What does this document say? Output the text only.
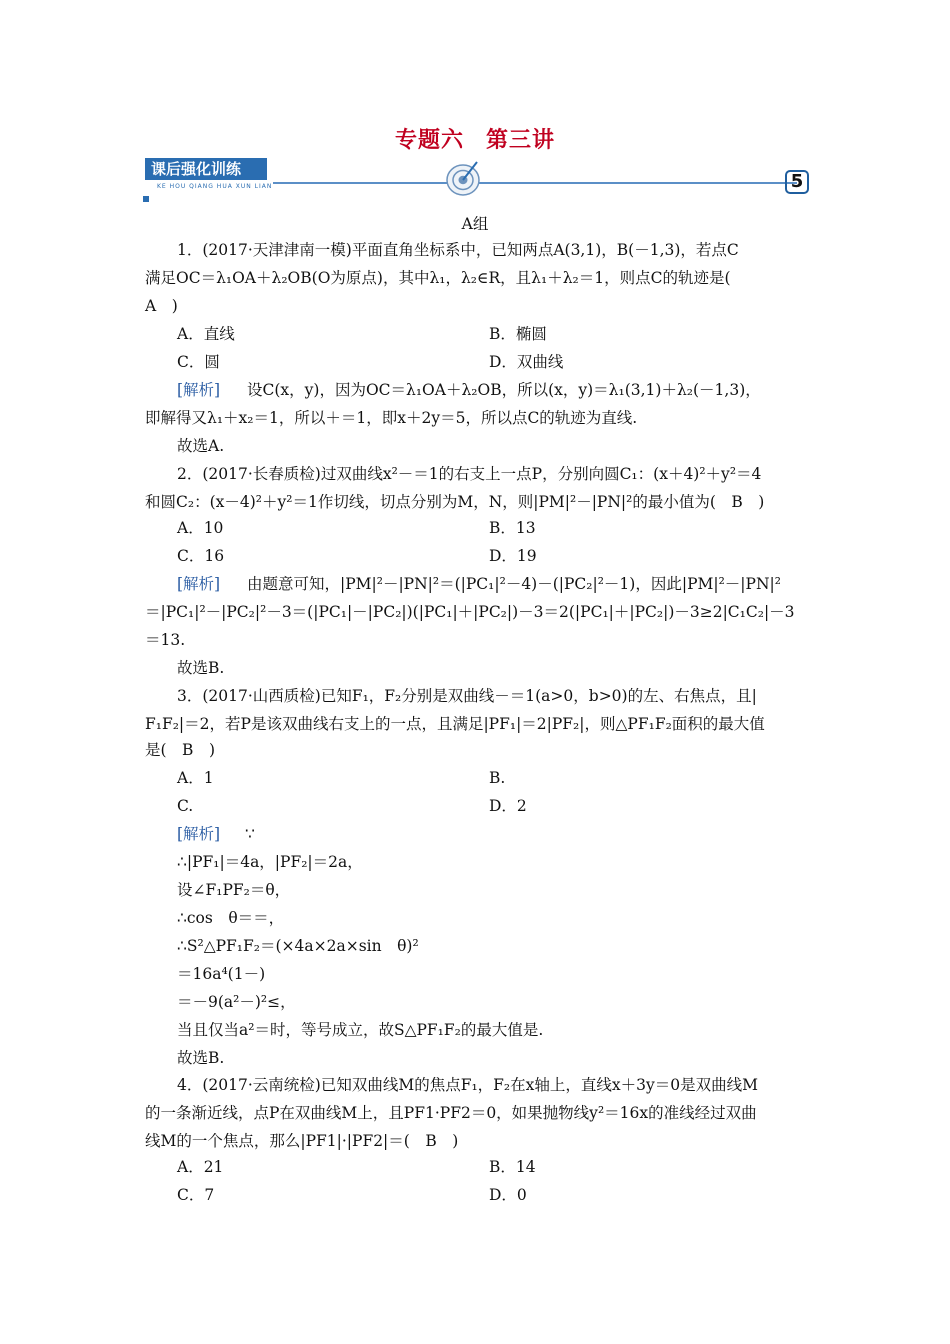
专题六 第三讲
课后强化训练
KE HOU QIANG HUA XUN LIAN	5
A组
1．(2017·天津津南一模)平面直角坐标系中，已知两点A(3,1)，B(－1,3)，若点C
满足OC＝λ₁OA＋λ₂OB(O为原点)，其中λ₁，λ₂∈R，且λ₁＋λ₂＝1，则点C的轨迹是(
A　)
A．直线	B．椭圆
C．圆	D．双曲线
[解析] 设C(x，y)，因为OC＝λ₁OA＋λ₂OB，所以(x，y)＝λ₁(3,1)＋λ₂(－1,3)，
即解得又λ₁＋x₂＝1，所以＋＝1，即x＋2y＝5，所以点C的轨迹为直线.
故选A.
2．(2017·长春质检)过双曲线x²－＝1的右支上一点P，分别向圆C₁：(x＋4)²＋y²＝4
和圆C₂：(x－4)²＋y²＝1作切线，切点分别为M，N，则|PM|²－|PN|²的最小值为(　B　)
A．10	B．13
C．16	D．19
[解析] 由题意可知，|PM|²－|PN|²＝(|PC₁|²－4)－(|PC₂|²－1)，因此|PM|²－|PN|²
＝|PC₁|²－|PC₂|²－3＝(|PC₁|－|PC₂|)(|PC₁|＋|PC₂|)－3＝2(|PC₁|＋|PC₂|)－3≥2|C₁C₂|－3
＝13.
故选B.
3．(2017·山西质检)已知F₁，F₂分别是双曲线－＝1(a>0，b>0)的左、右焦点，且|
F₁F₂|＝2，若P是该双曲线右支上的一点，且满足|PF₁|＝2|PF₂|，则△PF₁F₂面积的最大值
是(　B　)
A．1	B.
C.	D．2
[解析] ∵
∴|PF₁|＝4a，|PF₂|＝2a，
设∠F₁PF₂＝θ，
∴cos　θ＝＝，
∴S²△PF₁F₂＝(×4a×2a×sin　θ)²
＝16a⁴(1－)
＝－9(a²－)²≤，
当且仅当a²＝时，等号成立，故S△PF₁F₂的最大值是.
故选B.
4．(2017·云南统检)已知双曲线M的焦点F₁，F₂在x轴上，直线x＋3y＝0是双曲线M
的一条渐近线，点P在双曲线M上，且PF1·PF2＝0，如果抛物线y²＝16x的准线经过双曲
线M的一个焦点，那么|PF1|·|PF2|＝(　B　)
A．21	B．14
C．7	D．0
